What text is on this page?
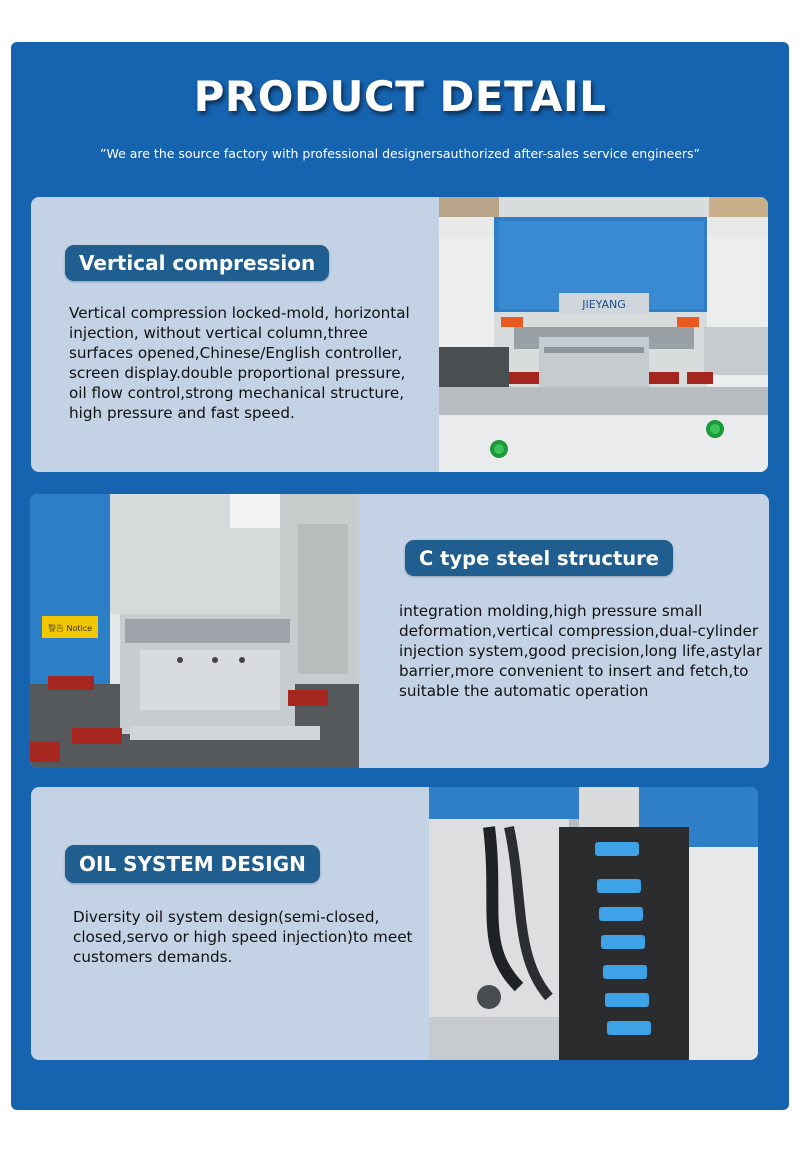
PRODUCT DETAIL
”We are the source factory with professional designersauthorized after-sales service engineers”
Vertical compression
Vertical compression locked-mold, horizontal
injection, without vertical column,three
surfaces opened,Chinese/English controller,
screen display.double proportional pressure,
oil flow control,strong mechanical structure,
high pressure and fast speed.
JIEYANG
警告 Notice
C type steel structure
integration molding,high pressure small
deformation,vertical compression,dual-cylinder
injection system,good precision,long life,astylar
barrier,more convenient to insert and fetch,to
suitable the automatic operation
OIL SYSTEM DESIGN
Diversity oil system design(semi-closed,
closed,servo or high speed injection)to meet
customers demands.
